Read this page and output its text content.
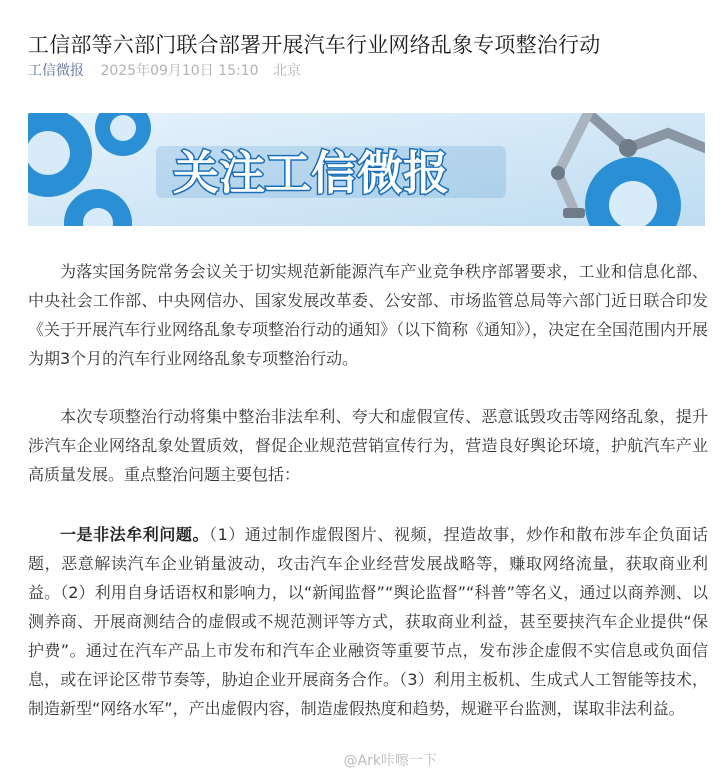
工信部等六部门联合部署开展汽车行业网络乱象专项整治行动
工信微报 2025年09月10日 15:10 北京
关注工信微报

为落实国务院常务会议关于切实规范新能源汽车产业竞争秩序部署要求，工业和信息化部、中央社会工作部、中央网信办、国家发展改革委、公安部、市场监管总局等六部门近日联合印发《关于开展汽车行业网络乱象专项整治行动的通知》（以下简称《通知》），决定在全国范围内开展为期3个月的汽车行业网络乱象专项整治行动。

本次专项整治行动将集中整治非法牟利、夸大和虚假宣传、恶意诋毁攻击等网络乱象，提升涉汽车企业网络乱象处置质效，督促企业规范营销宣传行为，营造良好舆论环境，护航汽车产业高质量发展。重点整治问题主要包括：

一是非法牟利问题。（1）通过制作虚假图片、视频，捏造故事，炒作和散布涉车企负面话题，恶意解读汽车企业销量波动，攻击汽车企业经营发展战略等，赚取网络流量，获取商业利益。（2）利用自身话语权和影响力，以“新闻监督”“舆论监督”“科普”等名义，通过以商养测、以测养商、开展商测结合的虚假或不规范测评等方式，获取商业利益，甚至要挟汽车企业提供“保护费”。通过在汽车产品上市发布和汽车企业融资等重要节点，发布涉企虚假不实信息或负面信息，或在评论区带节奏等，胁迫企业开展商务合作。（3）利用主板机、生成式人工智能等技术，制造新型“网络水军”，产出虚假内容，制造虚假热度和趋势，规避平台监测，谋取非法利益。

@Ark咔嚓一下
